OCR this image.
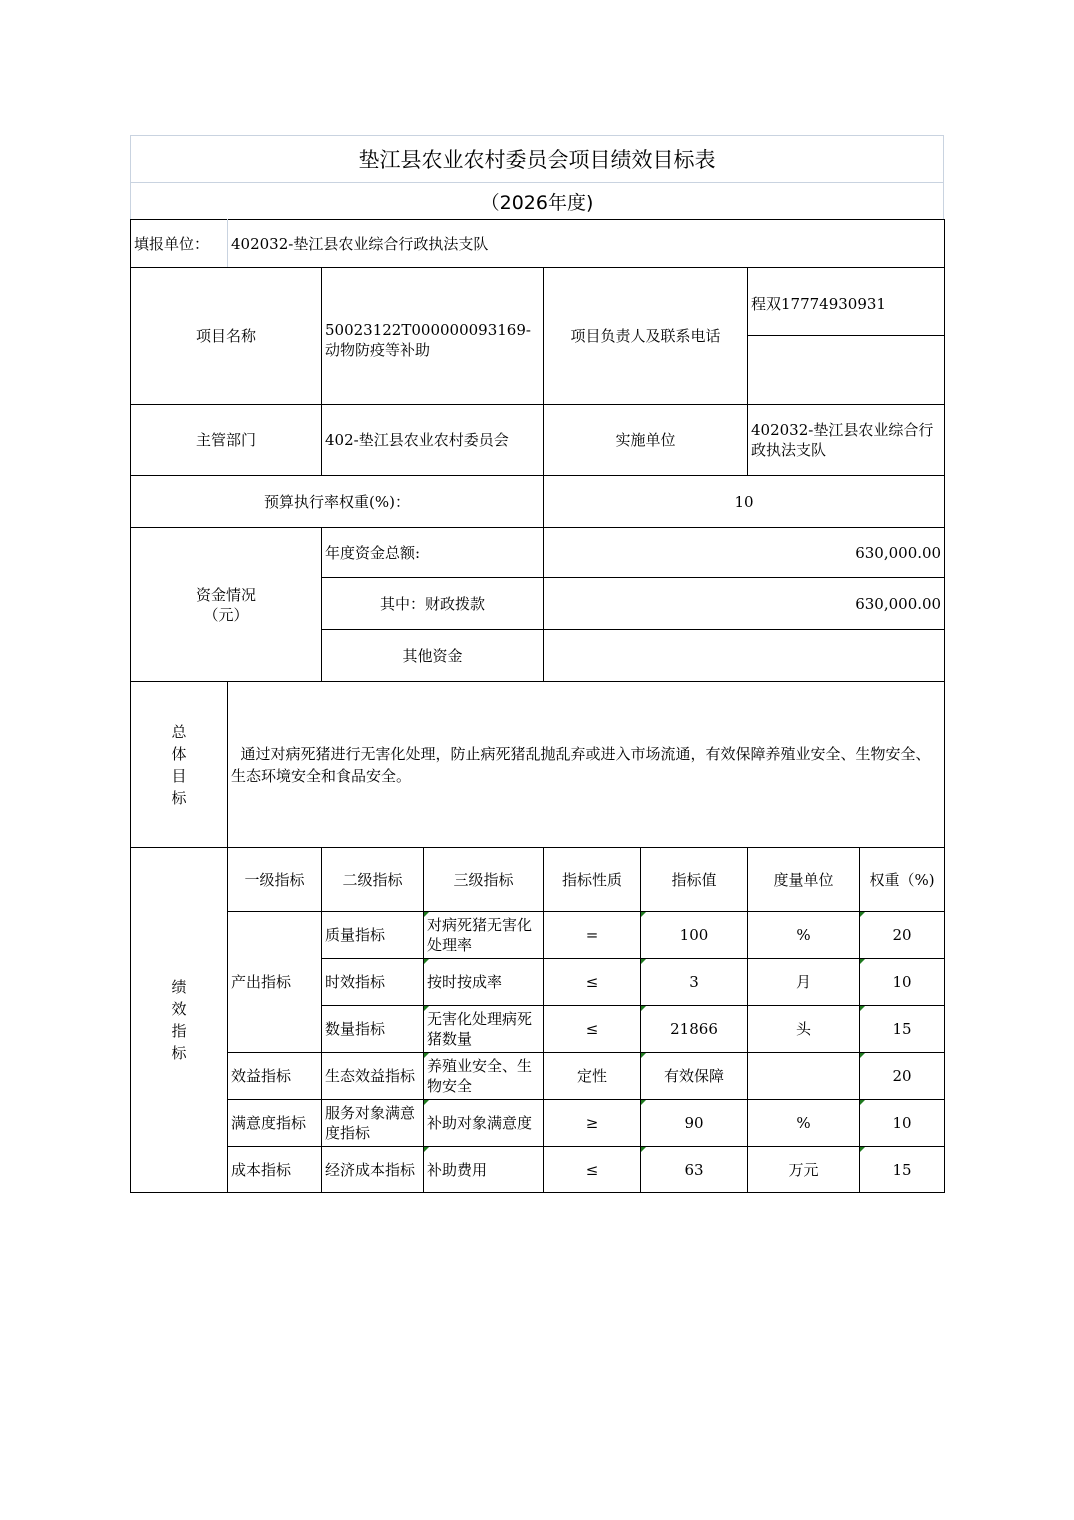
垫江县农业农村委员会项目绩效目标表
（2026年度)
填报单位：	402032-垫江县农业综合行政执法支队						
项目名称		50023122T000000093169-动物防疫等补助		项目负责人及联系电话		程双17774930931	

主管部门		402-垫江县农业农村委员会		实施单位		402032-垫江县农业综合行政执法支队	
预算执行率权重(%)：				10			
资金情况
（元）		年度资金总额:		630,000.00			
		其中：财政拨款		630,000.00			
		其他资金					
总
体
目
标	通过对病死猪进行无害化处理，防止病死猪乱抛乱弃或进入市场流通，有效保障养殖业安全、生物安全、生态环境安全和食品安全。						
绩
效
指
标	一级指标	二级指标	三级指标	指标性质	指标值	度量单位	权重（%)
	产出指标	质量指标	对病死猪无害化处理率	=	100	%	20
		时效指标	按时按成率	≤	3	月	10
		数量指标	无害化处理病死猪数量	≤	21866	头	15
	效益指标	生态效益指标	养殖业安全、生物安全	定性	有效保障		20
	满意度指标	服务对象满意度指标	补助对象满意度	≥	90	%	10
	成本指标	经济成本指标	补助费用	≤	63	万元	15
